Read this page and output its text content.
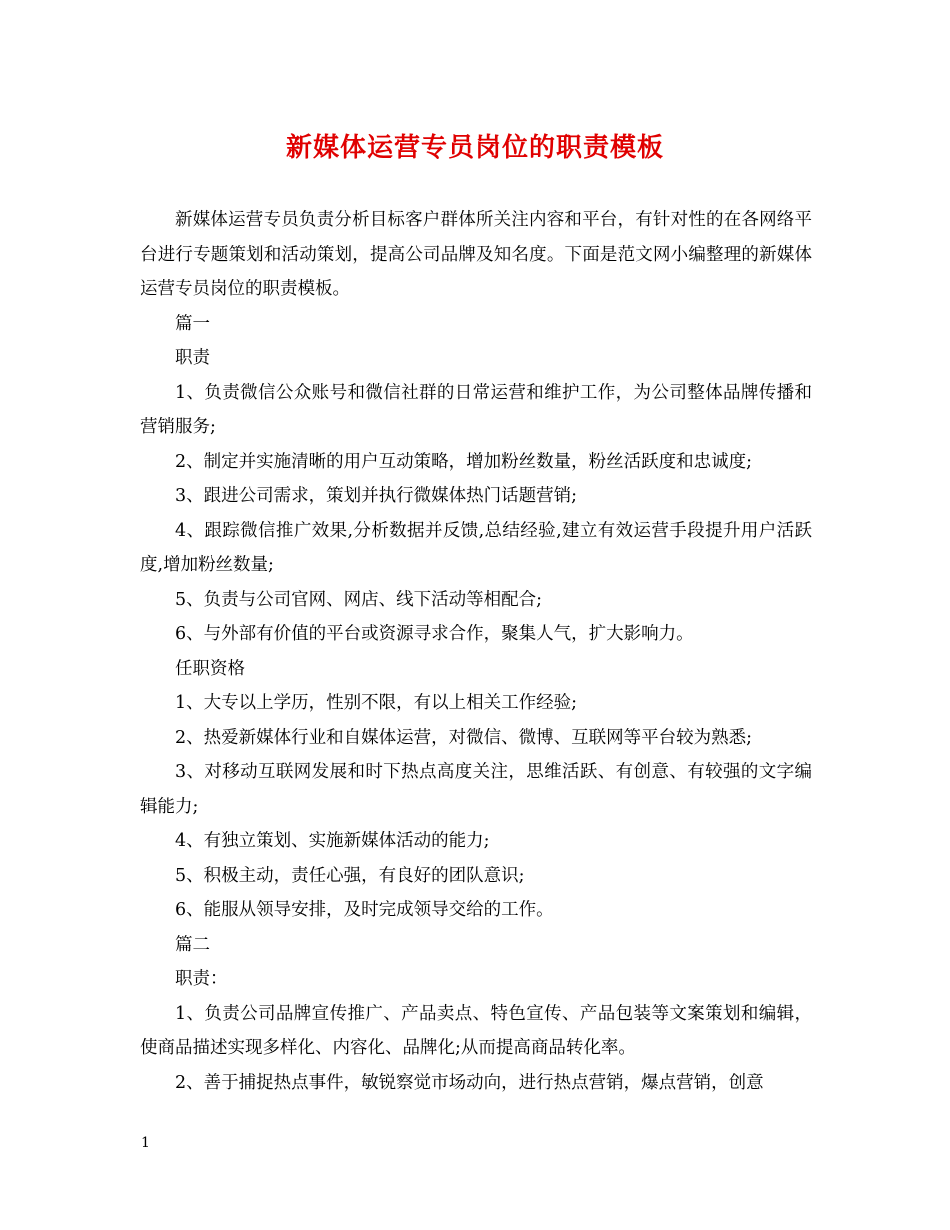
新媒体运营专员岗位的职责模板

新媒体运营专员负责分析目标客户群体所关注内容和平台，有针对性的在各网络平台进行专题策划和活动策划，提高公司品牌及知名度。下面是范文网小编整理的新媒体运营专员岗位的职责模板。

篇一

职责

1、负责微信公众账号和微信社群的日常运营和维护工作，为公司整体品牌传播和营销服务;

2、制定并实施清晰的用户互动策略，增加粉丝数量，粉丝活跃度和忠诚度;

3、跟进公司需求，策划并执行微媒体热门话题营销;

4、跟踪微信推广效果,分析数据并反馈,总结经验,建立有效运营手段提升用户活跃度,增加粉丝数量;

5、负责与公司官网、网店、线下活动等相配合;

6、与外部有价值的平台或资源寻求合作，聚集人气，扩大影响力。

任职资格

1、大专以上学历，性别不限，有以上相关工作经验;

2、热爱新媒体行业和自媒体运营，对微信、微博、互联网等平台较为熟悉;

3、对移动互联网发展和时下热点高度关注，思维活跃、有创意、有较强的文字编辑能力;

4、有独立策划、实施新媒体活动的能力;

5、积极主动，责任心强，有良好的团队意识;

6、能服从领导安排，及时完成领导交给的工作。

篇二

职责：

1、负责公司品牌宣传推广、产品卖点、特色宣传、产品包装等文案策划和编辑，使商品描述实现多样化、内容化、品牌化;从而提高商品转化率。

2、善于捕捉热点事件，敏锐察觉市场动向，进行热点营销，爆点营销，创意

1
